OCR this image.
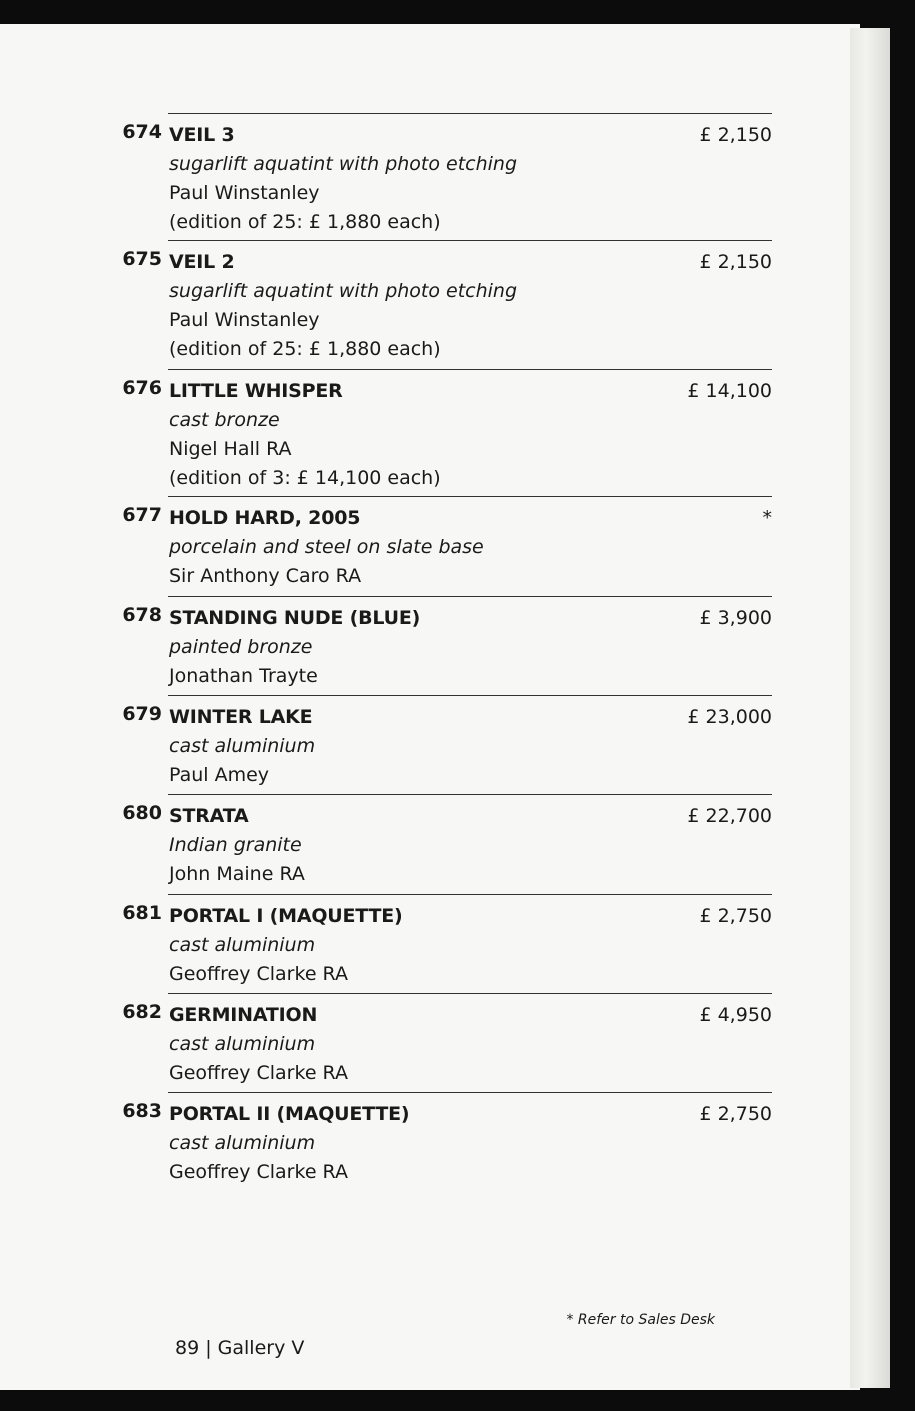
674 VEIL 3
sugarlift aquatint with photo etching
Paul Winstanley
(edition of 25: £ 1,880 each)
£ 2,150
675 VEIL 2
sugarlift aquatint with photo etching
Paul Winstanley
(edition of 25: £ 1,880 each)
£ 2,150
676 LITTLE WHISPER
cast bronze
Nigel Hall RA
(edition of 3: £ 14,100 each)
£ 14,100
677 HOLD HARD, 2005
porcelain and steel on slate base
Sir Anthony Caro RA
*
678 STANDING NUDE (BLUE)
painted bronze
Jonathan Trayte
£ 3,900
679 WINTER LAKE
cast aluminium
Paul Amey
£ 23,000
680 STRATA
Indian granite
John Maine RA
£ 22,700
681 PORTAL I (MAQUETTE)
cast aluminium
Geoffrey Clarke RA
£ 2,750
682 GERMINATION
cast aluminium
Geoffrey Clarke RA
£ 4,950
683 PORTAL II (MAQUETTE)
cast aluminium
Geoffrey Clarke RA
£ 2,750
* Refer to Sales Desk
89 | Gallery V
